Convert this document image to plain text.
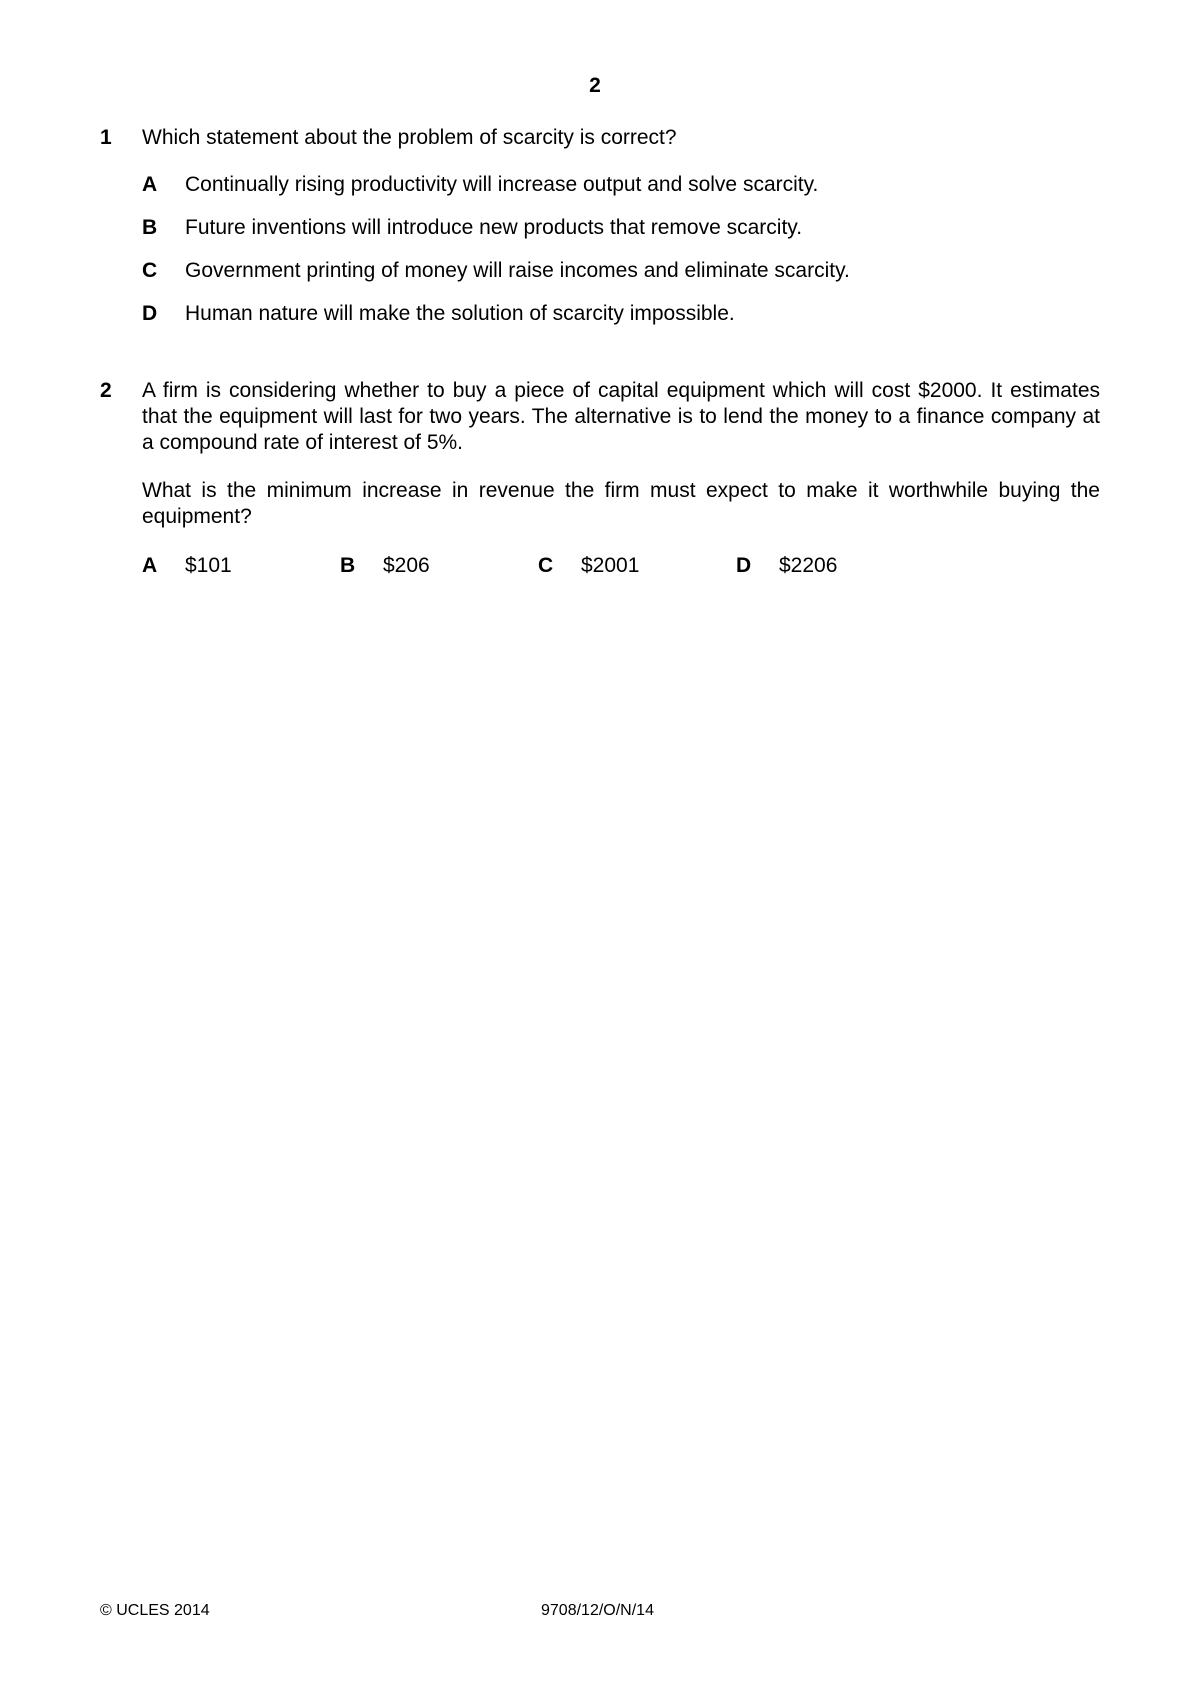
2
1 Which statement about the problem of scarcity is correct?
A Continually rising productivity will increase output and solve scarcity.
B Future inventions will introduce new products that remove scarcity.
C Government printing of money will raise incomes and eliminate scarcity.
D Human nature will make the solution of scarcity impossible.
2 A firm is considering whether to buy a piece of capital equipment which will cost $2000. It estimates that the equipment will last for two years. The alternative is to lend the money to a finance company at a compound rate of interest of 5%.
What is the minimum increase in revenue the firm must expect to make it worthwhile buying the equipment?
A $101	B $206	C $2001	D $2206
© UCLES 2014	9708/12/O/N/14
